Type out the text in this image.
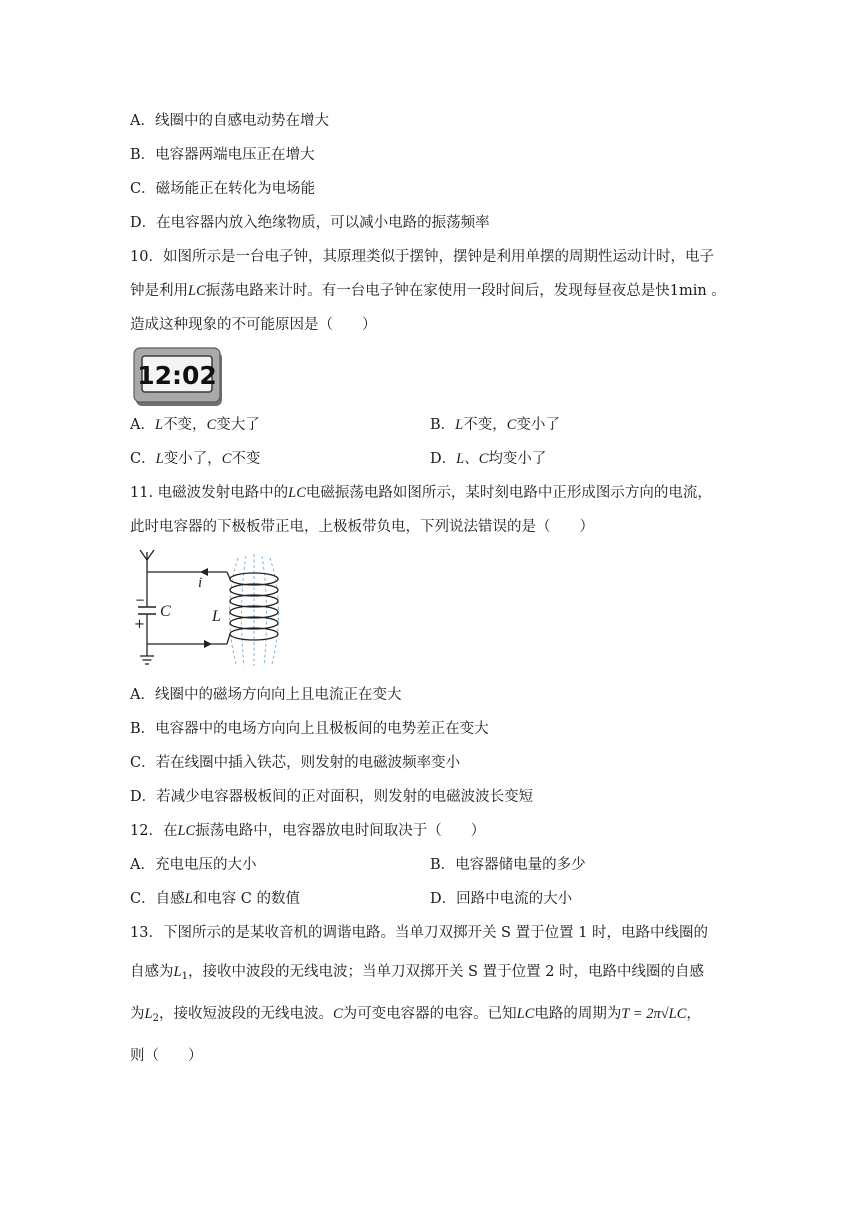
A．线圈中的自感电动势在增大
B．电容器两端电压正在增大
C．磁场能正在转化为电场能
D．在电容器内放入绝缘物质，可以减小电路的振荡频率
10．如图所示是一台电子钟，其原理类似于摆钟，摆钟是利用单摆的周期性运动计时，电子
钟是利用LC振荡电路来计时。有一台电子钟在家使用一段时间后，发现每昼夜总是快1min 。
造成这种现象的不可能原因是（　　）
12:02
A．L不变，C变大了	B．L不变，C变小了
C．L变小了，C不变	D．L、C均变小了
11. 电磁波发射电路中的LC电磁振荡电路如图所示，某时刻电路中正形成图示方向的电流，
此时电容器的下极板带正电，上极板带负电，下列说法错误的是（　　）
i
−
+
C	L
A．线圈中的磁场方向向上且电流正在变大
B．电容器中的电场方向向上且极板间的电势差正在变大
C．若在线圈中插入铁芯，则发射的电磁波频率变小
D．若减少电容器极板间的正对面积，则发射的电磁波波长变短
12．在LC振荡电路中，电容器放电时间取决于（　　）
A．充电电压的大小	B．电容器储电量的多少
C．自感L和电容 C 的数值	D．回路中电流的大小
13．下图所示的是某收音机的调谐电路。当单刀双掷开关 S 置于位置 1 时，电路中线圈的
自感为$L_1$，接收中波段的无线电波；当单刀双掷开关 S 置于位置 2 时，电路中线圈的自感
为$L_2$，接收短波段的无线电波。C为可变电容器的电容。已知LC电路的周期为T = 2π√LC，
则（　　）
